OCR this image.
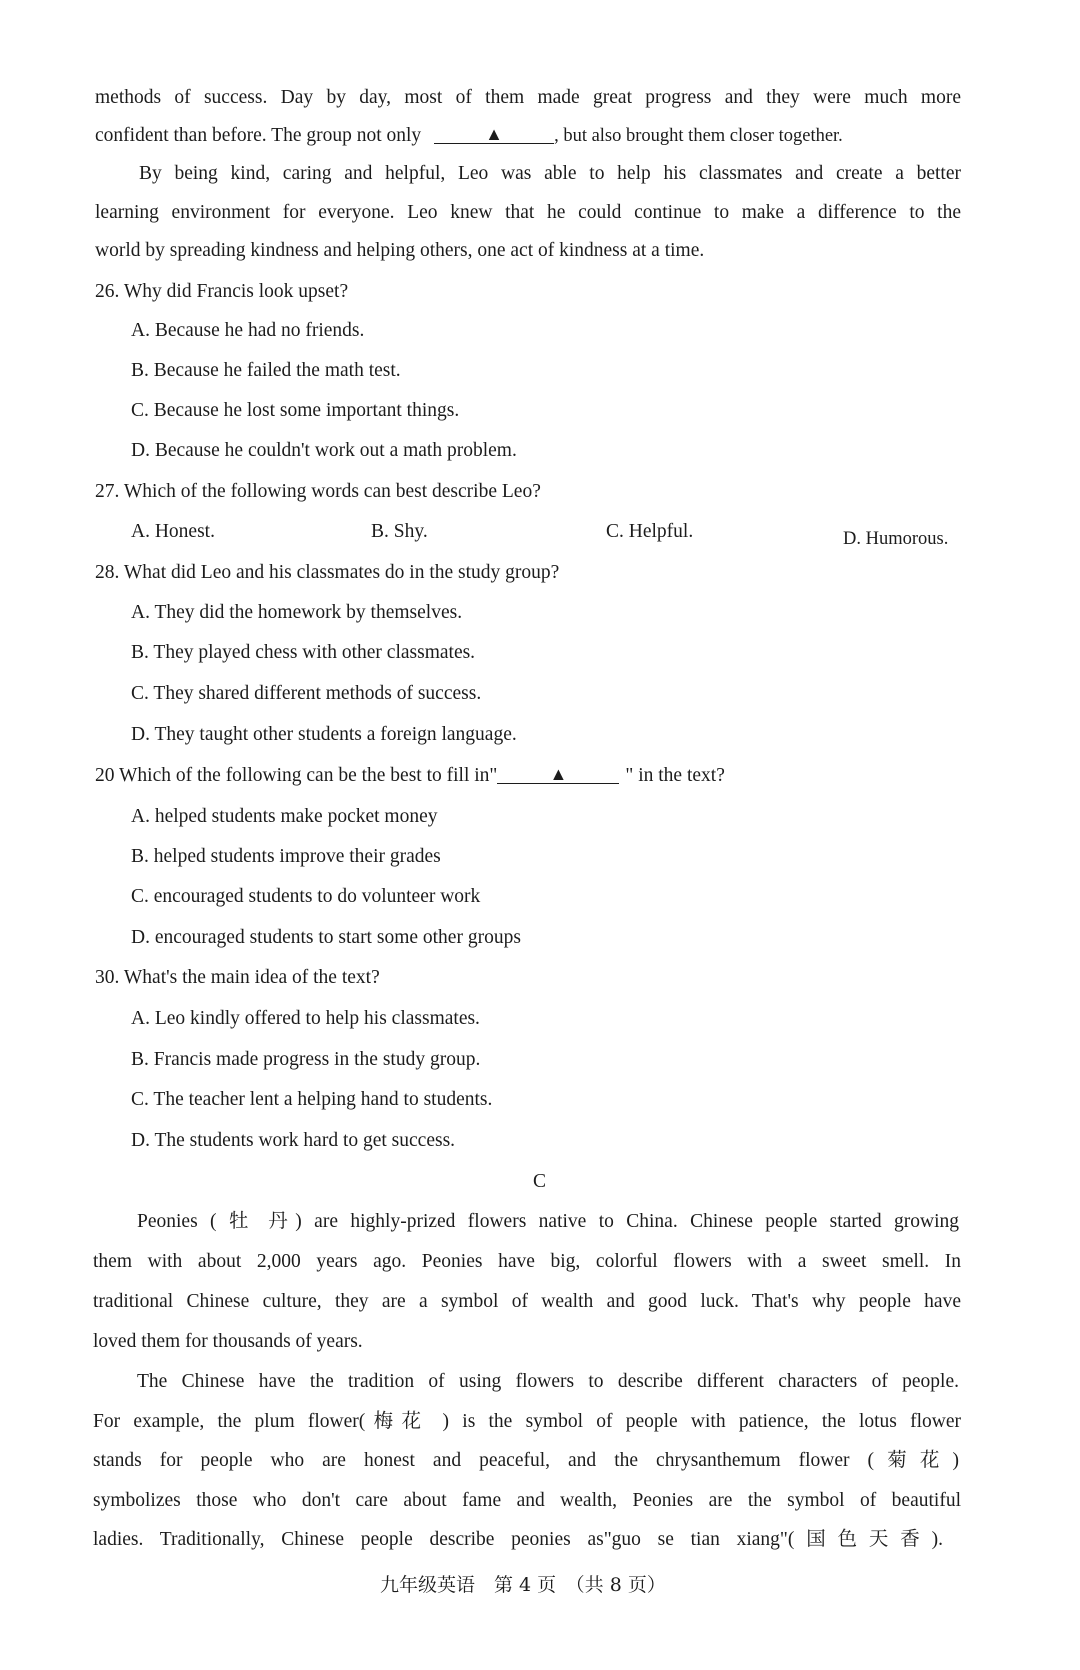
methods of success. Day by day, most of them made great progress and they were much more
confident than before. The group not only	▲	, but also brought them closer together.
By being kind, caring and helpful, Leo was able to help his classmates and create a better
learning environment for everyone. Leo knew that he could continue to make a difference to the
world by spreading kindness and helping others, one act of kindness at a time.
26. Why did Francis look upset?
A. Because he had no friends.
B. Because he failed the math test.
C. Because he lost some important things.
D. Because he couldn't work out a math problem.
27. Which of the following words can best describe Leo?
A. Honest.	B. Shy.	C. Helpful.	D. Humorous.
28. What did Leo and his classmates do in the study group?
A. They did the homework by themselves.
B. They played chess with other classmates.
C. They shared different methods of success.
D. They taught other students a foreign language.
20 Which of the following can be the best to fill in"	▲	" in the text?
A. helped students make pocket money
B. helped students improve their grades
C. encouraged students to do volunteer work
D. encouraged students to start some other groups
30. What's the main idea of the text?
A. Leo kindly offered to help his classmates.
B. Francis made progress in the study group.
C. The teacher lent a helping hand to students.
D. The students work hard to get success.
C
Peonies ( 牡 丹) are highly-prized flowers native to China. Chinese people started growing
them with about 2,000 years ago. Peonies have big, colorful flowers with a sweet smell. In
traditional Chinese culture, they are a symbol of wealth and good luck. That's why people have
loved them for thousands of years.
The Chinese have the tradition of using flowers to describe different characters of people.
For example, the plum flower(梅花 ) is the symbol of people with patience, the lotus flower
stands for people who are honest and peaceful, and the chrysanthemum flower (菊花)
symbolizes those who don't care about fame and wealth, Peonies are the symbol of beautiful
ladies. Traditionally, Chinese people describe peonies as"guo se tian xiang"(国色天香).
九年级英语　第 4 页　（共 8 页）
